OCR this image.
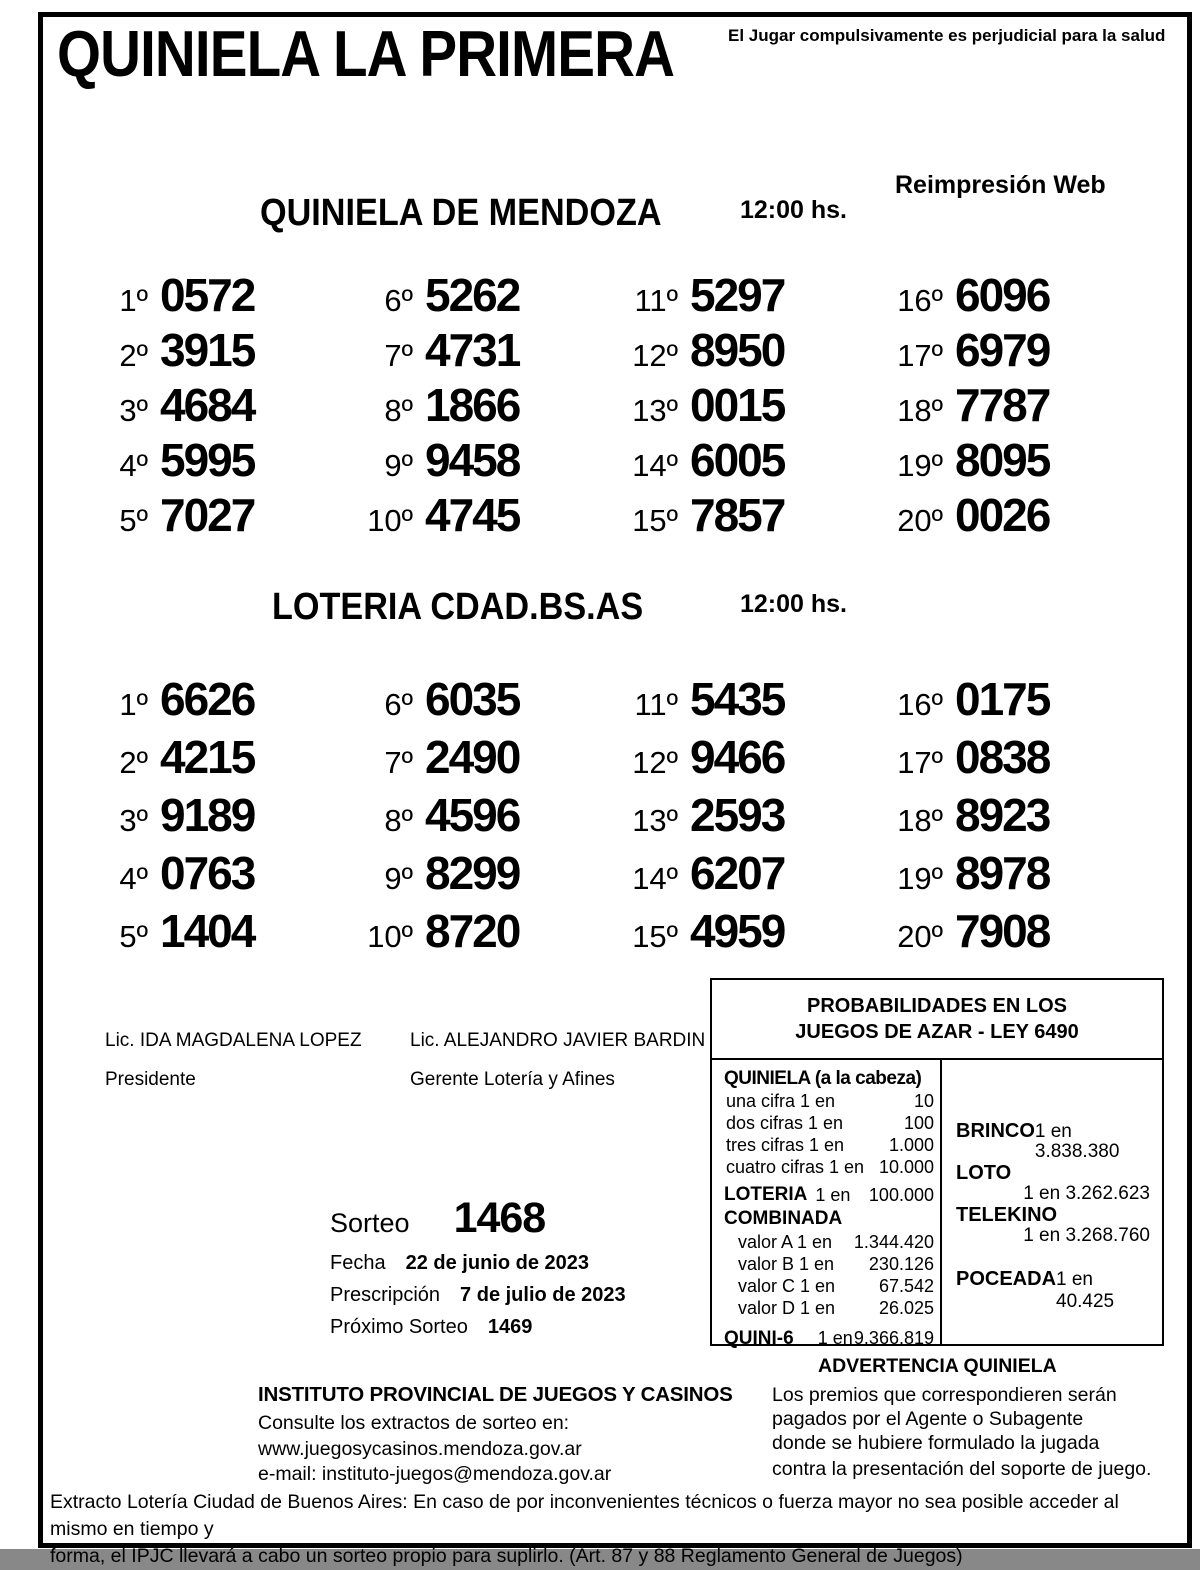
QUINIELA LA PRIMERA	El Jugar compulsivamente es perjudicial para la salud
Reimpresión Web
QUINIELA DE MENDOZA	12:00 hs.
1º 0572
2º 3915
3º 4684
4º 5995
5º 7027
6º 5262
7º 4731
8º 1866
9º 9458
10º 4745
11º 5297
12º 8950
13º 0015
14º 6005
15º 7857
16º 6096
17º 6979
18º 7787
19º 8095
20º 0026
LOTERIA CDAD.BS.AS	12:00 hs.
1º 6626
2º 4215
3º 9189
4º 0763
5º 1404
6º 6035
7º 2490
8º 4596
9º 8299
10º 8720
11º 5435
12º 9466
13º 2593
14º 6207
15º 4959
16º 0175
17º 0838
18º 8923
19º 8978
20º 7908
Lic. IDA MAGDALENA LOPEZ
Presidente
Lic. ALEJANDRO JAVIER BARDIN
Gerente Lotería y Afines
PROBABILIDADES EN LOS
JUEGOS DE AZAR - LEY 6490
QUINIELA (a la cabeza)
una cifra 1 en	10
dos cifras 1 en	100
tres cifras 1 en 1.000
cuatro cifras 1 en 10.000
LOTERIA 1 en 100.000
COMBINADA
valor A 1 en 1.344.420
valor B 1 en 230.126
valor C 1 en 67.542
valor D 1 en 26.025
QUINI-6 1 en 9.366.819
BRINCO 1 en 3.838.380
LOTO
1 en 3.262.623
TELEKINO
1 en 3.268.760
POCEADA 1 en 40.425
Sorteo 1468
Fecha 22 de junio de 2023
Prescripción 7 de julio de 2023
Próximo Sorteo 1469
INSTITUTO PROVINCIAL DE JUEGOS Y CASINOS
Consulte los extractos de sorteo en:
www.juegosycasinos.mendoza.gov.ar
e-mail: instituto-juegos@mendoza.gov.ar
ADVERTENCIA QUINIELA
Los premios que correspondieren serán
pagados por el Agente o Subagente
donde se hubiere formulado la jugada
contra la presentación del soporte de juego.
Extracto Lotería Ciudad de Buenos Aires: En caso de por inconvenientes técnicos o fuerza mayor no sea posible acceder al mismo en tiempo y
forma, el IPJC llevará a cabo un sorteo propio para suplirlo. (Art. 87 y 88 Reglamento General de Juegos)
